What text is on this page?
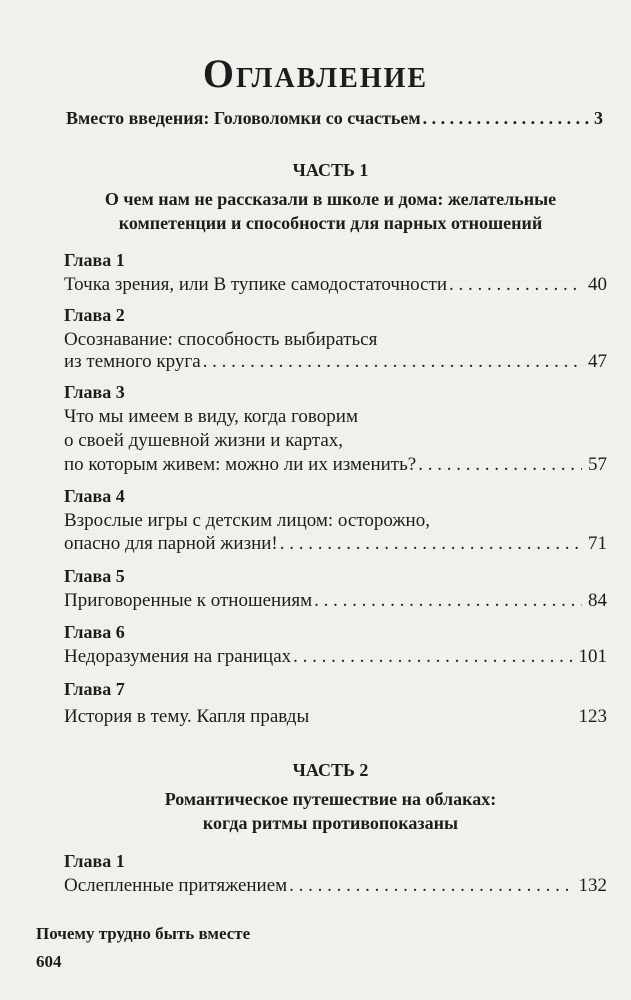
Оглавление
Вместо введения: Головоломки со счастьем . . .	3
ЧАСТЬ 1
О чем нам не рассказали в школе и дома: желательные
компетенции и способности для парных отношений
Глава 1
Точка зрения, или В тупике самодостаточности . . .	40
Глава 2
Осознавание: способность выбираться
из темного круга . . .	47
Глава 3
Что мы имеем в виду, когда говорим
о своей душевной жизни и картах,
по которым живем: можно ли их изменить? . . .	57
Глава 4
Взрослые игры с детским лицом: осторожно,
опасно для парной жизни! . . .	71
Глава 5
Приговоренные к отношениям . . .	84
Глава 6
Недоразумения на границах . . .	101
Глава 7
История в тему. Капля правды	123
ЧАСТЬ 2
Романтическое путешествие на облаках:
когда ритмы противопоказаны
Глава 1
Ослепленные притяжением . . .	132
Почему трудно быть вместе
604
